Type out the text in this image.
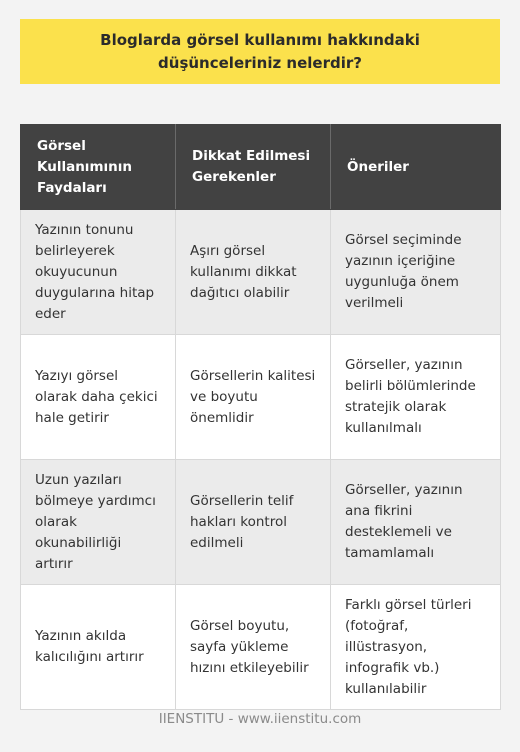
Bloglarda görsel kullanımı hakkındaki düşünceleriniz nelerdir?
Görsel Kullanımının Faydaları	Dikkat Edilmesi Gerekenler	Öneriler
Yazının tonunu belirleyerek okuyucunun duygularına hitap eder	Aşırı görsel kullanımı dikkat dağıtıcı olabilir	Görsel seçiminde yazının içeriğine uygunluğa önem verilmeli
Yazıyı görsel olarak daha çekici hale getirir	Görsellerin kalitesi ve boyutu önemlidir	Görseller, yazının belirli bölümlerinde stratejik olarak kullanılmalı
Uzun yazıları bölmeye yardımcı olarak okunabilirliği artırır	Görsellerin telif hakları kontrol edilmeli	Görseller, yazının ana fikrini desteklemeli ve tamamlamalı
Yazının akılda kalıcılığını artırır	Görsel boyutu, sayfa yükleme hızını etkileyebilir	Farklı görsel türleri (fotoğraf, illüstrasyon, infografik vb.) kullanılabilir
IIENSTITU - www.iienstitu.com
